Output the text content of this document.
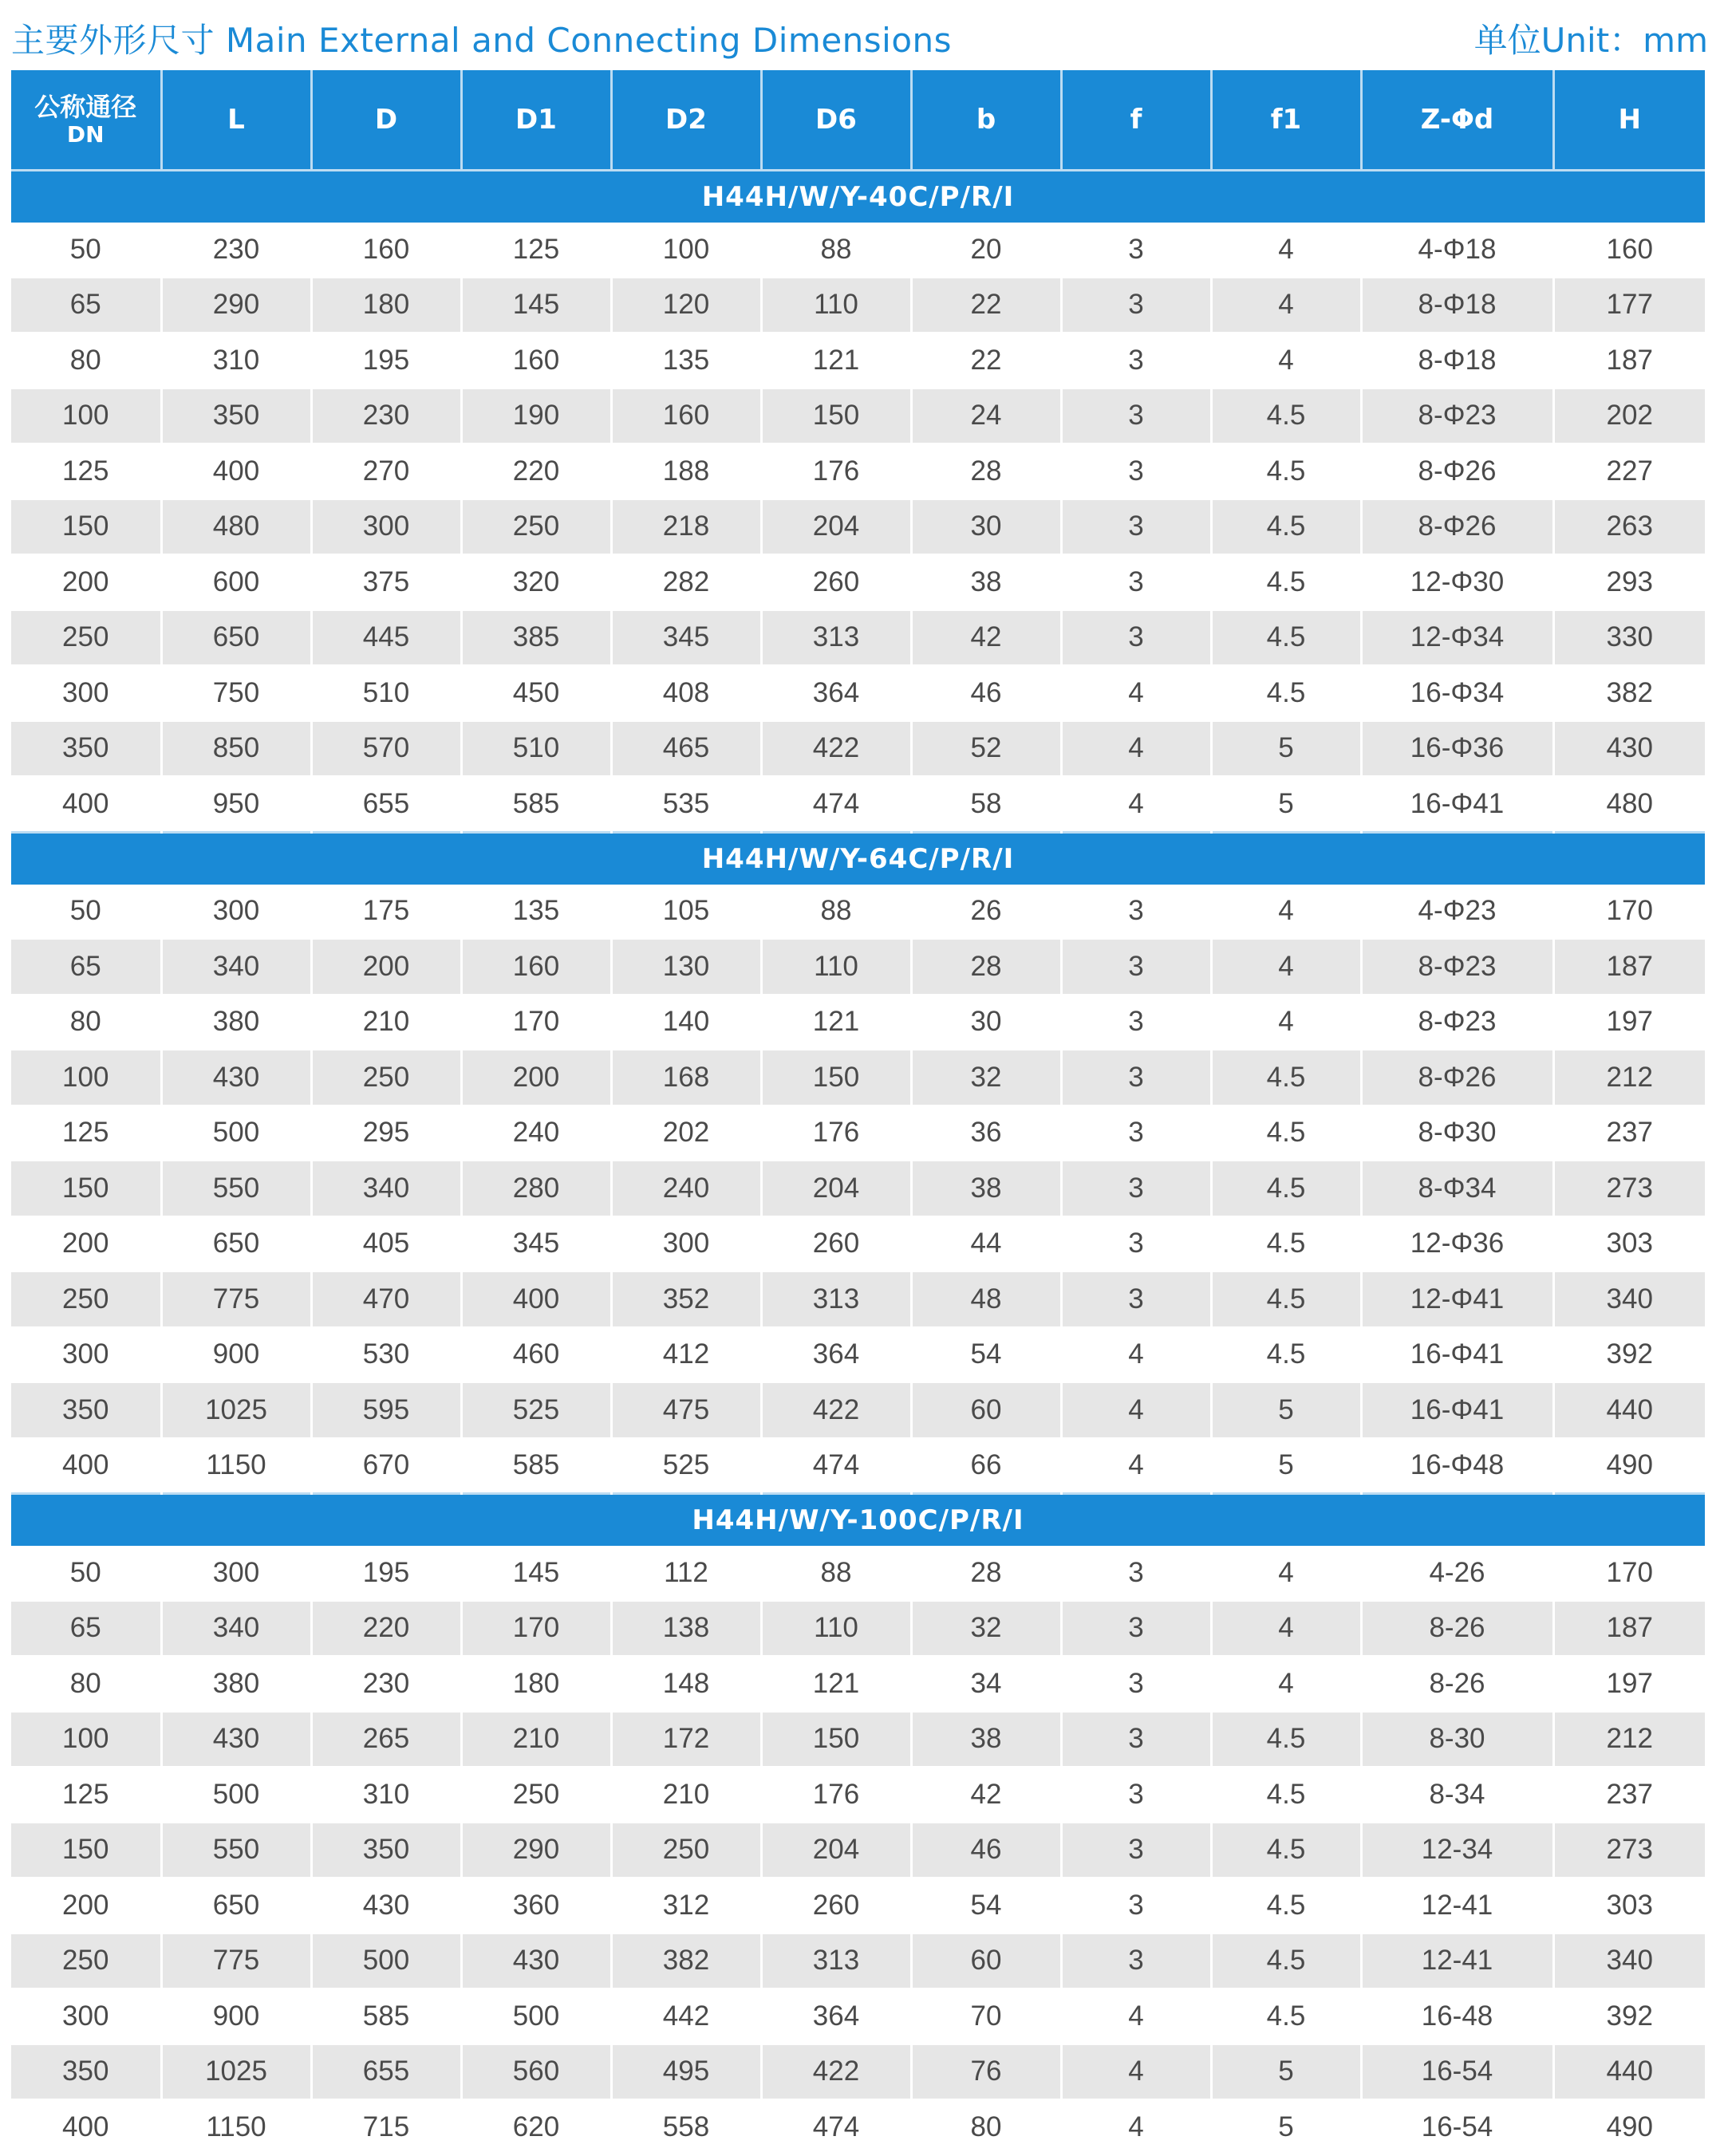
主要外形尺寸 Main External and Connecting Dimensions	单位Unit：mm
公称通径
DN	L	D	D1	D2	D6	b	f	f1	Z-Φd	H
H44H/W/Y-40C/P/R/I										
50	230	160	125	100	88	20	3	4	4-Φ18	160
65	290	180	145	120	110	22	3	4	8-Φ18	177
80	310	195	160	135	121	22	3	4	8-Φ18	187
100	350	230	190	160	150	24	3	4.5	8-Φ23	202
125	400	270	220	188	176	28	3	4.5	8-Φ26	227
150	480	300	250	218	204	30	3	4.5	8-Φ26	263
200	600	375	320	282	260	38	3	4.5	12-Φ30	293
250	650	445	385	345	313	42	3	4.5	12-Φ34	330
300	750	510	450	408	364	46	4	4.5	16-Φ34	382
350	850	570	510	465	422	52	4	5	16-Φ36	430
400	950	655	585	535	474	58	4	5	16-Φ41	480
H44H/W/Y-64C/P/R/I										
50	300	175	135	105	88	26	3	4	4-Φ23	170
65	340	200	160	130	110	28	3	4	8-Φ23	187
80	380	210	170	140	121	30	3	4	8-Φ23	197
100	430	250	200	168	150	32	3	4.5	8-Φ26	212
125	500	295	240	202	176	36	3	4.5	8-Φ30	237
150	550	340	280	240	204	38	3	4.5	8-Φ34	273
200	650	405	345	300	260	44	3	4.5	12-Φ36	303
250	775	470	400	352	313	48	3	4.5	12-Φ41	340
300	900	530	460	412	364	54	4	4.5	16-Φ41	392
350	1025	595	525	475	422	60	4	5	16-Φ41	440
400	1150	670	585	525	474	66	4	5	16-Φ48	490
H44H/W/Y-100C/P/R/I										
50	300	195	145	112	88	28	3	4	4-26	170
65	340	220	170	138	110	32	3	4	8-26	187
80	380	230	180	148	121	34	3	4	8-26	197
100	430	265	210	172	150	38	3	4.5	8-30	212
125	500	310	250	210	176	42	3	4.5	8-34	237
150	550	350	290	250	204	46	3	4.5	12-34	273
200	650	430	360	312	260	54	3	4.5	12-41	303
250	775	500	430	382	313	60	3	4.5	12-41	340
300	900	585	500	442	364	70	4	4.5	16-48	392
350	1025	655	560	495	422	76	4	5	16-54	440
400	1150	715	620	558	474	80	4	5	16-54	490
